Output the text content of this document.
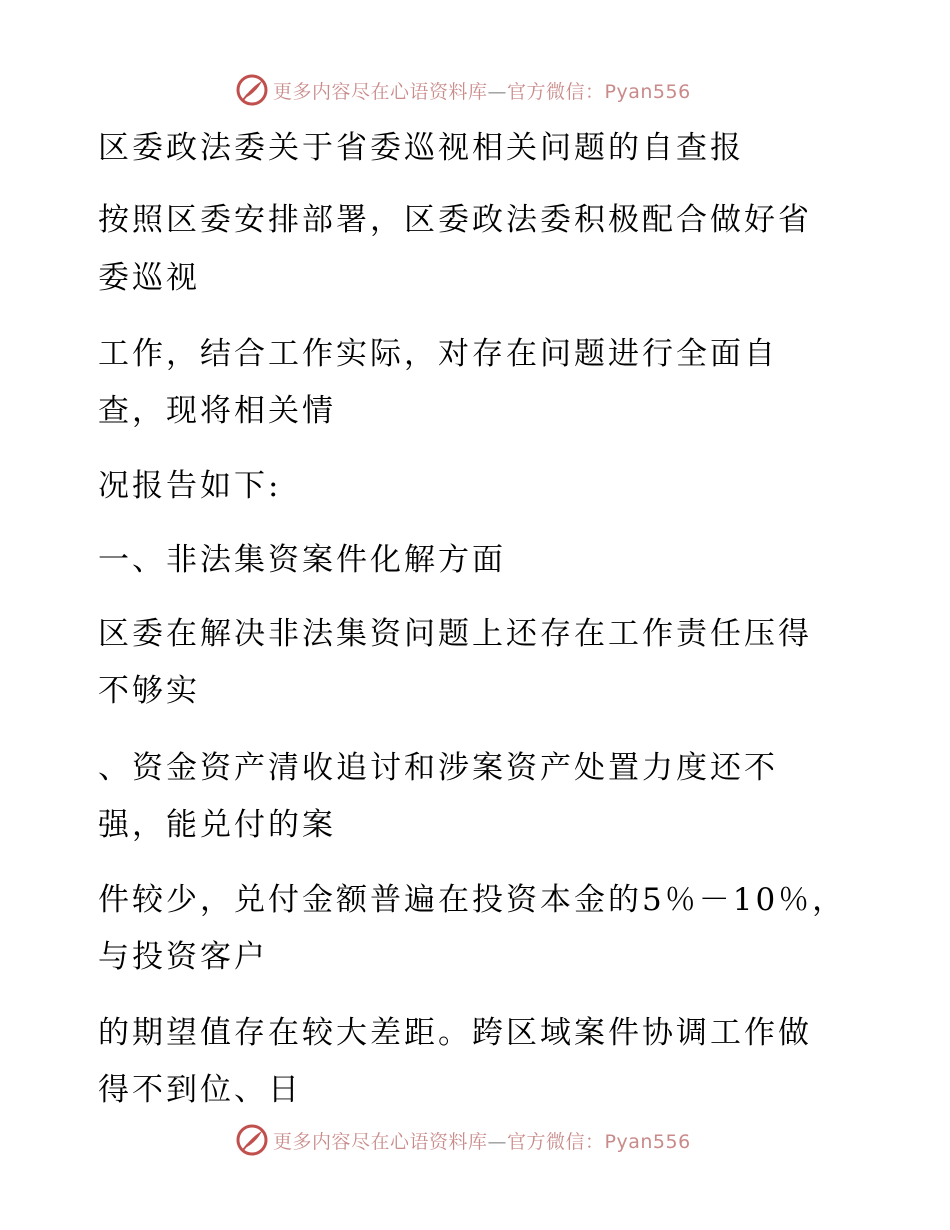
更多内容尽在心语资料库—官方微信：Pyan556
区委政法委关于省委巡视相关问题的自查报
按照区委安排部署，区委政法委积极配合做好省
委巡视
工作，结合工作实际，对存在问题进行全面自
查，现将相关情
况报告如下:
一、非法集资案件化解方面
区委在解决非法集资问题上还存在工作责任压得
不够实
、资金资产清收追讨和涉案资产处置力度还不
强，能兑付的案
件较少，兑付金额普遍在投资本金的5％－10％，
与投资客户
的期望值存在较大差距。跨区域案件协调工作做
得不到位、日
更多内容尽在心语资料库—官方微信：Pyan556
